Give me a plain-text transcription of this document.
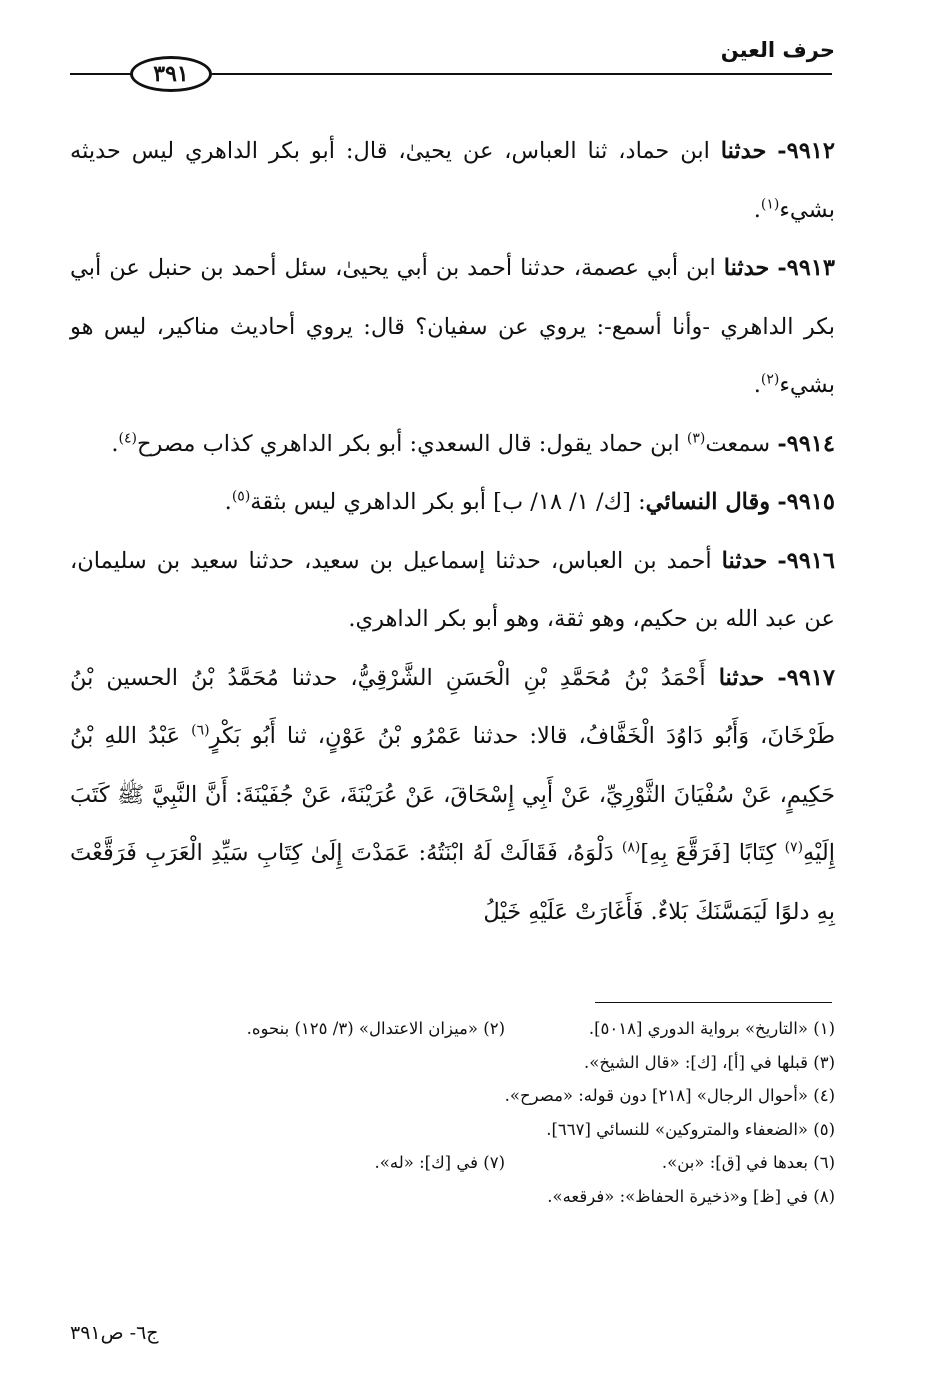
حرف العين
٣٩١

٩٩١٢- حدثنا ابن حماد، ثنا العباس، عن يحيىٰ، قال: أبو بكر الداهري ليس حديثه بشيء$^{(١)}$.

٩٩١٣- حدثنا ابن أبي عصمة، حدثنا أحمد بن أبي يحيىٰ، سئل أحمد بن حنبل عن أبي بكر الداهري -وأنا أسمع-: يروي عن سفيان؟ قال: يروي أحاديث مناكير، ليس هو بشيء$^{(٢)}$.

٩٩١٤- سمعت$^{(٣)}$ ابن حماد يقول: قال السعدي: أبو بكر الداهري كذاب مصرح$^{(٤)}$.

٩٩١٥- وقال النسائي: [ك/ ١/ ١٨/ ب] أبو بكر الداهري ليس بثقة$^{(٥)}$.

٩٩١٦- حدثنا أحمد بن العباس، حدثنا إسماعيل بن سعيد، حدثنا سعيد بن سليمان، عن عبد الله بن حكيم، وهو ثقة، وهو أبو بكر الداهري.

٩٩١٧- حدثنا أَحْمَدُ بْنُ مُحَمَّدِ بْنِ الْحَسَنِ الشَّرْقِيُّ، حدثنا مُحَمَّدُ بْنُ الحسين بْنُ طَرْخَانَ، وَأَبُو دَاوُدَ الْخَفَّافُ، قالا: حدثنا عَمْرُو بْنُ عَوْنٍ، ثنا أَبُو بَكْرٍ$^{(٦)}$ عَبْدُ اللهِ بْنُ حَكِيمٍ، عَنْ سُفْيَانَ الثَّوْرِيِّ، عَنْ أَبِي إِسْحَاقَ، عَنْ عُرَيْنَةَ، عَنْ جُفَيْنَةَ: أَنَّ النَّبِيَّ ﷺ كَتَبَ إِلَيْهِ$^{(٧)}$ كِتَابًا [فَرَقَّعَ بِهِ]$^{(٨)}$ دَلْوَهُ، فَقَالَتْ لَهُ ابْنَتُهُ: عَمَدْتَ إِلَىٰ كِتَابِ سَيِّدِ الْعَرَبِ فَرَقَّعْتَ بِهِ دلوًا لَيَمَسَّنَكَ بَلاءٌ. فَأَغَارَتْ عَلَيْهِ خَيْلُ

(١) «التاريخ» برواية الدوري [٥٠١٨].
(٢) «ميزان الاعتدال» (٣/ ١٢٥) بنحوه.
(٣) قبلها في [أ]، [ك]: «قال الشيخ».
(٤) «أحوال الرجال» [٢١٨] دون قوله: «مصرح».
(٥) «الضعفاء والمتروكين» للنسائي [٦٦٧].
(٦) بعدها في [ق]: «بن».
(٧) في [ك]: «له».
(٨) في [ظ] و«ذخيرة الحفاظ»: «فرقعه».
ج٦- ص٣٩١
